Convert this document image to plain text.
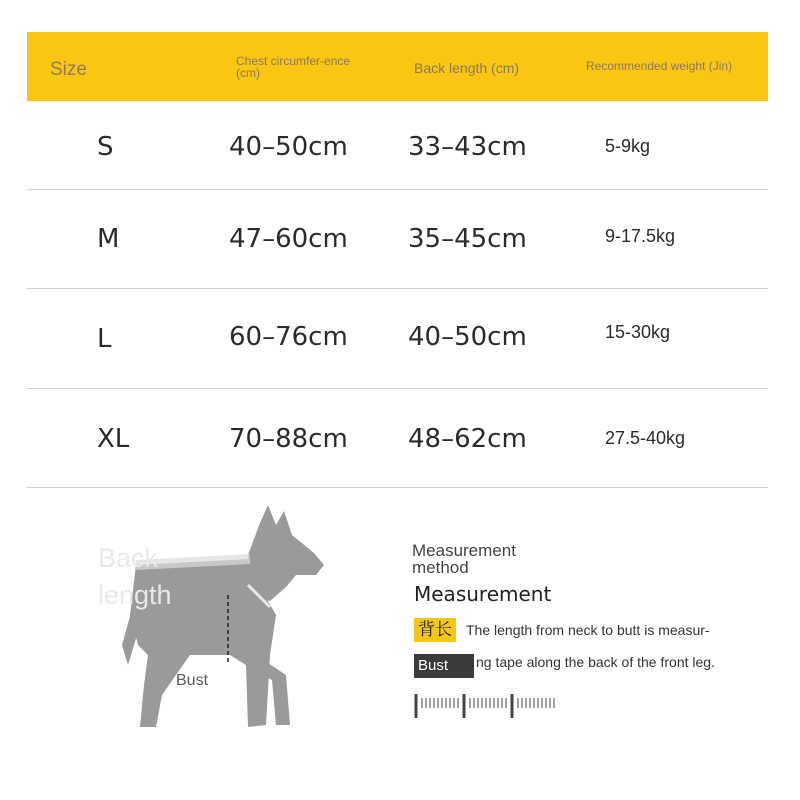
Size	Chest circumfer-ence (cm)	Back length (cm)	Recommended weight (Jin)
S	40–50cm 33–43cm	5-9kg
M	47–60cm 35–45cm	9-17.5kg
L	60–76cm 40–50cm	15-30kg
XL	70–88cm 48–62cm	27.5-40kg
Back length
Bust
Measurement method
Measurement
背长 The length from neck to butt is measur-
Bust	ng tape along the back of the front leg.
